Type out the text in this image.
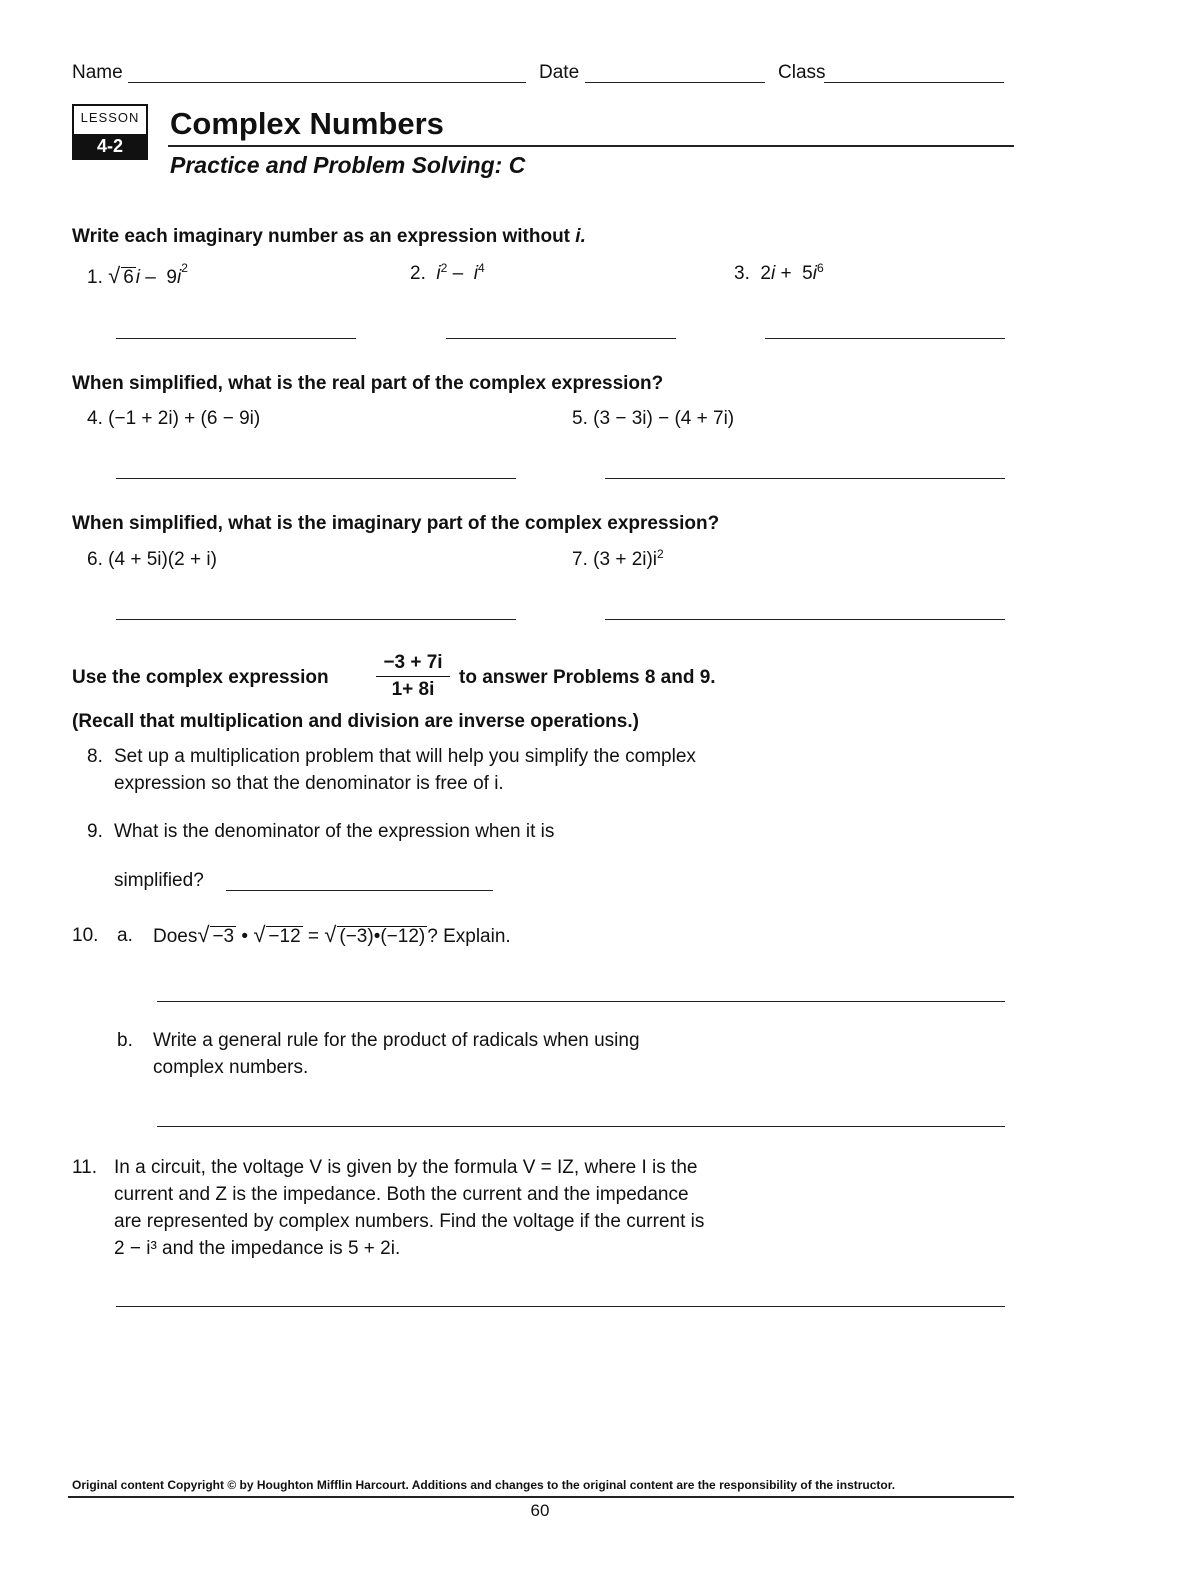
Name	Date	Class
LESSON
4-2
Complex Numbers
Practice and Problem Solving: C
Write each imaginary number as an expression without i.
1. √ 6 i –  $9i^2$	2. $i^2 - i^4$	3.  $2i + 5i^6$
When simplified, what is the real part of the complex expression?
4. (−1 + 2i) + (6 − 9i)	5. (3 − 3i) − (4 + 7i)
When simplified, what is the imaginary part of the complex expression?
6. (4 + 5i)(2 + i)	7. $(3 + 2i)i^2$
Use the complex expression
−3 + 7i
1+ 8i
to answer Problems 8 and 9.
(Recall that multiplication and division are inverse operations.)
8. Set up a multiplication problem that will help you simplify the complex
expression so that the denominator is free of i.
9. What is the denominator of the expression when it is
simplified?
10. a. Does√ −3 • √ −12 = √ (−3)•(−12) ? Explain.
b. Write a general rule for the product of radicals when using
complex numbers.
11. In a circuit, the voltage V is given by the formula V = IZ, where I is the
current and Z is the impedance. Both the current and the impedance
are represented by complex numbers. Find the voltage if the current is
2 − i³ and the impedance is 5 + 2i.
Original content Copyright © by Houghton Mifflin Harcourt. Additions and changes to the original content are the responsibility of the instructor.
60
